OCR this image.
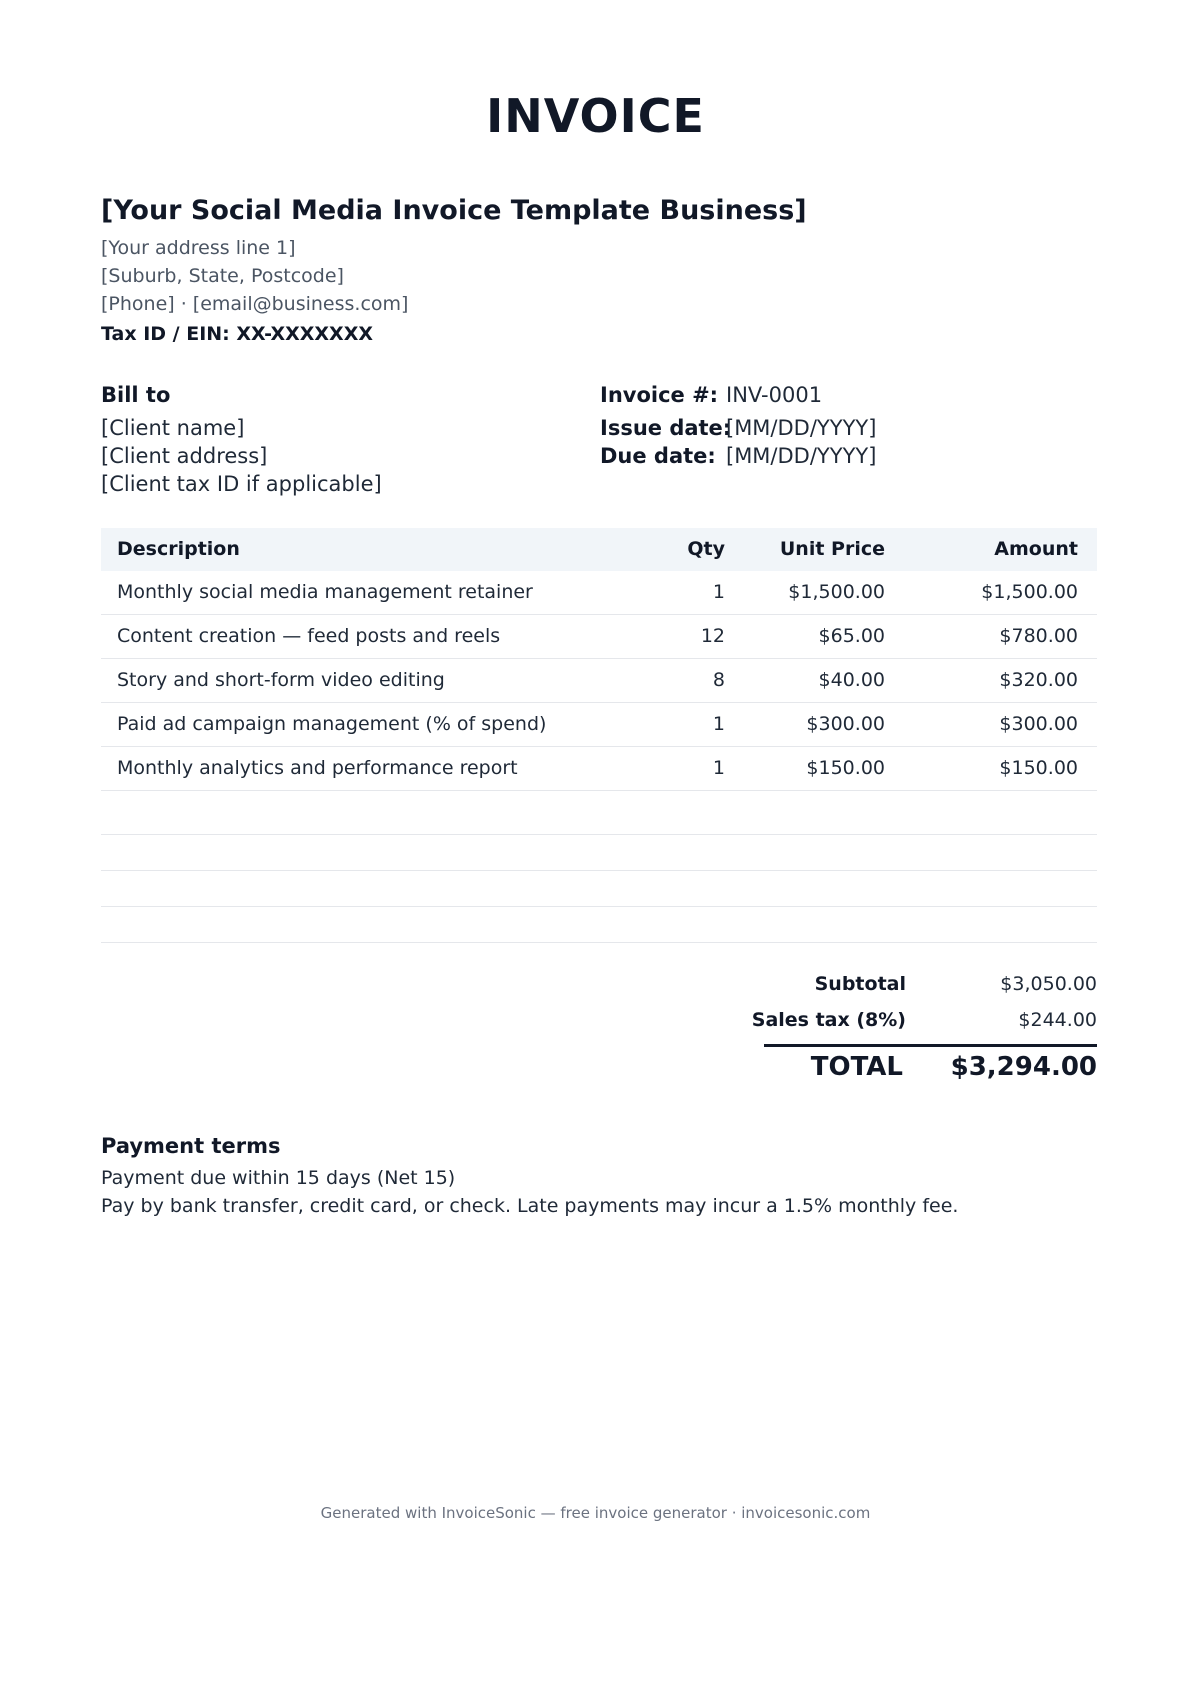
INVOICE
[Your Social Media Invoice Template Business]
[Your address line 1]
[Suburb, State, Postcode]
[Phone] · [email@business.com]
Tax ID / EIN: XX-XXXXXXX
Bill to
[Client name]
[Client address]
[Client tax ID if applicable]
Invoice #: INV-0001
Issue date:
[MM/DD/YYYY]
Due date: [MM/DD/YYYY]
Description	Qty	Unit Price	Amount
Monthly social media management retainer	1	$1,500.00	$1,500.00
Content creation — feed posts and reels	12	$65.00	$780.00
Story and short-form video editing	8	$40.00	$320.00
Paid ad campaign management (% of spend)	1	$300.00	$300.00
Monthly analytics and performance report	1	$150.00	$150.00
Subtotal	$3,050.00
Sales tax (8%)	$244.00
TOTAL $3,294.00
Payment terms
Payment due within 15 days (Net 15)
Pay by bank transfer, credit card, or check. Late payments may incur a 1.5% monthly fee.
Generated with InvoiceSonic — free invoice generator · invoicesonic.com
